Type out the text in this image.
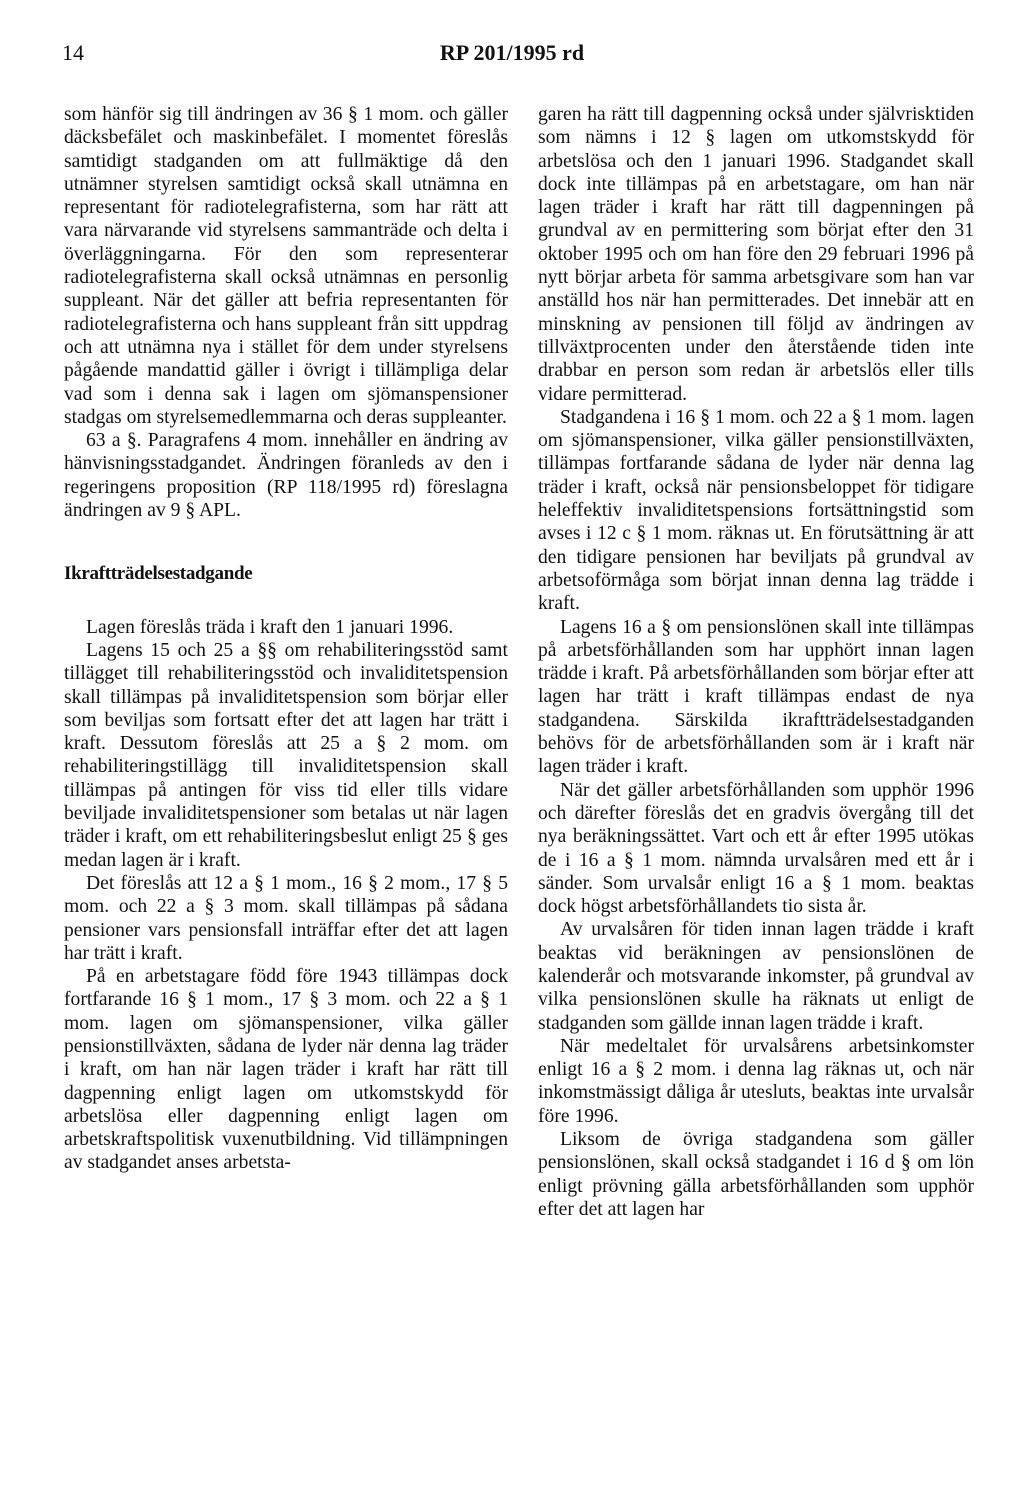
14	RP 201/1995 rd

som hänför sig till ändringen av 36 § 1 mom. och gäller däcksbefälet och maskinbefälet. I momentet föreslås samtidigt stadganden om att fullmäktige då den utnämner styrelsen samtidigt också skall utnämna en representant för radiotelegrafisterna, som har rätt att vara närvarande vid styrelsens sammanträde och delta i överläggningarna. För den som representerar radiotelegrafisterna skall också utnämnas en personlig suppleant. När det gäller att befria representanten för radiotelegrafisterna och hans suppleant från sitt uppdrag och att utnämna nya i stället för dem under styrelsens pågående mandattid gäller i övrigt i tillämpliga delar vad som i denna sak i lagen om sjömanspensioner stadgas om styrelsemedlemmarna och deras suppleanter.

63 a §. Paragrafens 4 mom. innehåller en ändring av hänvisningsstadgandet. Ändringen föranleds av den i regeringens proposition (RP 118/1995 rd) föreslagna ändringen av 9 § APL.

Ikraftträdelsestadgande

Lagen föreslås träda i kraft den 1 januari 1996.

Lagens 15 och 25 a §§ om rehabiliteringsstöd samt tillägget till rehabiliteringsstöd och invaliditetspension skall tillämpas på invaliditetspension som börjar eller som beviljas som fortsatt efter det att lagen har trätt i kraft. Dessutom föreslås att 25 a § 2 mom. om rehabiliteringstillägg till invaliditetspension skall tillämpas på antingen för viss tid eller tills vidare beviljade invaliditetspensioner som betalas ut när lagen träder i kraft, om ett rehabiliteringsbeslut enligt 25 § ges medan lagen är i kraft.

Det föreslås att 12 a § 1 mom., 16 § 2 mom., 17 § 5 mom. och 22 a § 3 mom. skall tillämpas på sådana pensioner vars pensionsfall inträffar efter det att lagen har trätt i kraft.

På en arbetstagare född före 1943 tillämpas dock fortfarande 16 § 1 mom., 17 § 3 mom. och 22 a § 1 mom. lagen om sjömanspensioner, vilka gäller pensionstillväxten, sådana de lyder när denna lag träder i kraft, om han när lagen träder i kraft har rätt till dagpenning enligt lagen om utkomstskydd för arbetslösa eller dagpenning enligt lagen om arbetskraftspolitisk vuxenutbildning. Vid tillämpningen av stadgandet anses arbetsta-

garen ha rätt till dagpenning också under självrisktiden som nämns i 12 § lagen om utkomstskydd för arbetslösa och den 1 januari 1996. Stadgandet skall dock inte tillämpas på en arbetstagare, om han när lagen träder i kraft har rätt till dagpenningen på grundval av en permittering som börjat efter den 31 oktober 1995 och om han före den 29 februari 1996 på nytt börjar arbeta för samma arbetsgivare som han var anställd hos när han permitterades. Det innebär att en minskning av pensionen till följd av ändringen av tillväxtprocenten under den återstående tiden inte drabbar en person som redan är arbetslös eller tills vidare permitterad.

Stadgandena i 16 § 1 mom. och 22 a § 1 mom. lagen om sjömanspensioner, vilka gäller pensionstillväxten, tillämpas fortfarande sådana de lyder när denna lag träder i kraft, också när pensionsbeloppet för tidigare heleffektiv invaliditetspensions fortsättningstid som avses i 12 c § 1 mom. räknas ut. En förutsättning är att den tidigare pensionen har beviljats på grundval av arbetsoförmåga som börjat innan denna lag trädde i kraft.

Lagens 16 a § om pensionslönen skall inte tillämpas på arbetsförhållanden som har upphört innan lagen trädde i kraft. På arbetsförhållanden som börjar efter att lagen har trätt i kraft tillämpas endast de nya stadgandena. Särskilda ikraftträdelsestadganden behövs för de arbetsförhållanden som är i kraft när lagen träder i kraft.

När det gäller arbetsförhållanden som upphör 1996 och därefter föreslås det en gradvis övergång till det nya beräkningssättet. Vart och ett år efter 1995 utökas de i 16 a § 1 mom. nämnda urvalsåren med ett år i sänder. Som urvalsår enligt 16 a § 1 mom. beaktas dock högst arbetsförhållandets tio sista år.

Av urvalsåren för tiden innan lagen trädde i kraft beaktas vid beräkningen av pensionslönen de kalenderår och motsvarande inkomster, på grundval av vilka pensionslönen skulle ha räknats ut enligt de stadganden som gällde innan lagen trädde i kraft.

När medeltalet för urvalsårens arbetsinkomster enligt 16 a § 2 mom. i denna lag räknas ut, och när inkomstmässigt dåliga år utesluts, beaktas inte urvalsår före 1996.

Liksom de övriga stadgandena som gäller pensionslönen, skall också stadgandet i 16 d § om lön enligt prövning gälla arbetsförhållanden som upphör efter det att lagen har
